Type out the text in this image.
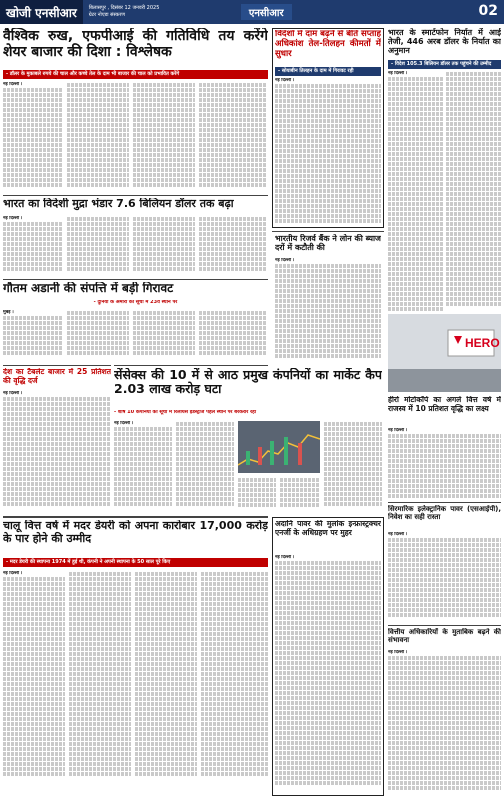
खोजी एनसीआर	बिलासपुर , दिसंबर 12 जनवरी 2025
ग्रेटर नोएडा संस्करण	एनसीआर	02
वैश्विक रुख, एफपीआई की गतिविधि तय करेंगे शेयर बाजार की दिशा : विश्लेषक
- डॉलर के मुकाबले रुपये की चाल और कच्चे तेल के दाम भी बाजार की चाल को प्रभावित करेंगे
नई दिल्ली ।
भारत का विदेशी मुद्रा भंडार 7.6 बिलियन डॉलर तक बढ़ा
नई दिल्ली ।
गौतम अडानी की संपत्ति में बड़ी गिरावट
- दुनिया के अमीरों की सूची में 23वें स्थान पर
मुंबई ।
देश का टैबलेट बाजार में 25 प्रतिशत की वृद्धि दर्ज
नई दिल्ली ।
सेंसेक्स की 10 में से आठ प्रमुख कंपनियों का मार्केट कैप 2.03 लाख करोड़ घटा
- शीर्ष 10 कंपनियों की सूची में रिलायंस इंडस्ट्रीज पहले स्थान पर बरकरार रही
नई दिल्ली ।
चालू वित्त वर्ष में मदर डेयरी को अपना कारोबार 17,000 करोड़ के पार होने की उम्मीद
- मदर डेयरी की स्थापना 1974 में हुई थी, कंपनी ने अपनी स्थापना के 50 साल पूरे किए
नई दिल्ली ।
विदेशों में दाम बढ़ने से बीते सप्ताह अधिकांश तेल-तिलहन कीमतों में सुधार
- सोयाबीन तिलहन के दाम में गिरावट रही
नई दिल्ली ।
भारतीय रिजर्व बैंक ने लोन की ब्याज दरों में कटौती की
नई दिल्ली ।
अदानि पावर की मुलांक इन्फ्रास्ट्रक्चर एनर्जी के अधिग्रहण पर मुहर
नई दिल्ली ।
भारत के स्मार्टफोन निर्यात में आई तेजी, 446 अरब डॉलर के निर्यात का अनुमान
- विदेश 105.3 बिलियन डॉलर तक पहुंचने की उम्मीद
नई दिल्ली ।
HERO
हीरो मोटोकॉर्प का अगले वित्त वर्ष में राजस्व में 10 प्रतिशत वृद्धि का लक्ष्य
नई दिल्ली ।
सिरमारिक इलेक्ट्रानिक पावर (एसआईपी), निवेश का सही रास्ता
नई दिल्ली ।
वित्तीय अधिकारियों के मुताबिक बढ़ने की संभावना
नई दिल्ली ।
